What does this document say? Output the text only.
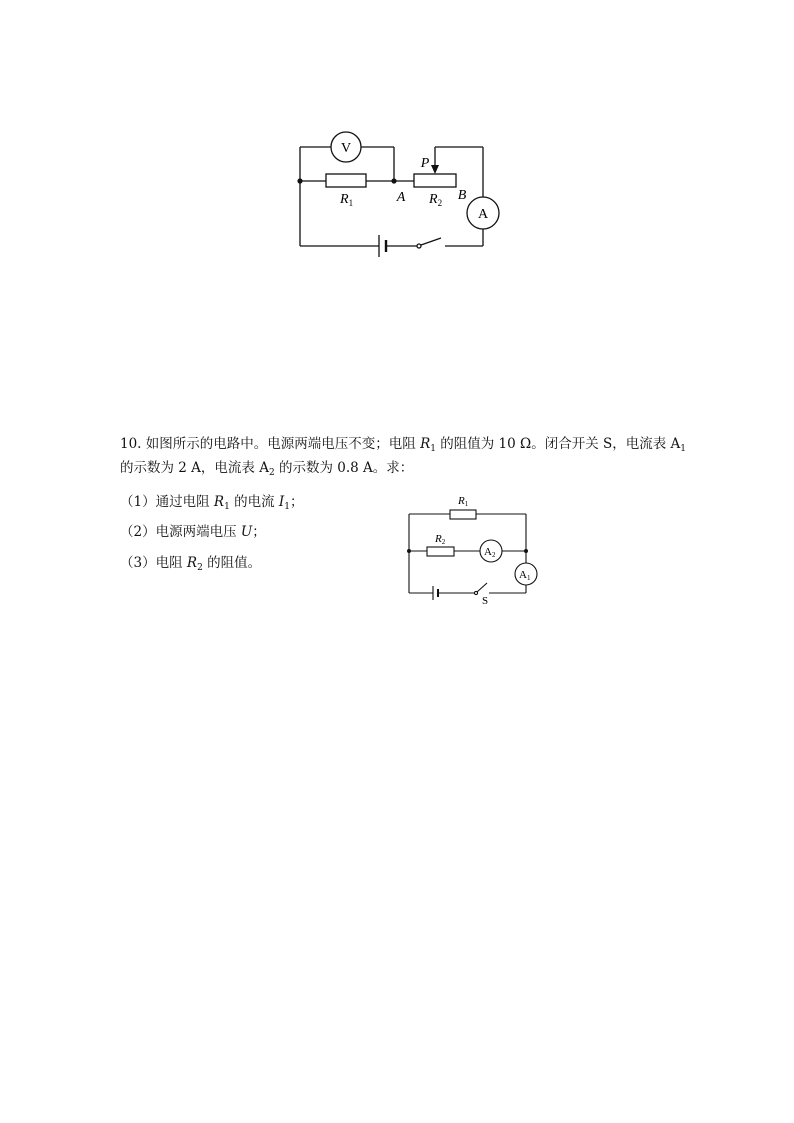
V
A
P
$R_1$	A $R_2$ B
10. 如图所示的电路中。电源两端电压不变；电阻 $R_1$ 的阻值为 10 Ω。闭合开关 S，电流表 $A_1$
的示数为 2 A，电流表 $A_2$ 的示数为 0.8 A。求：
（1）通过电阻 $R_1$ 的电流 $I_1$；
（2）电源两端电压 U；
（3）电阻 $R_2$ 的阻值。
R1
R2
A2
A1
S
